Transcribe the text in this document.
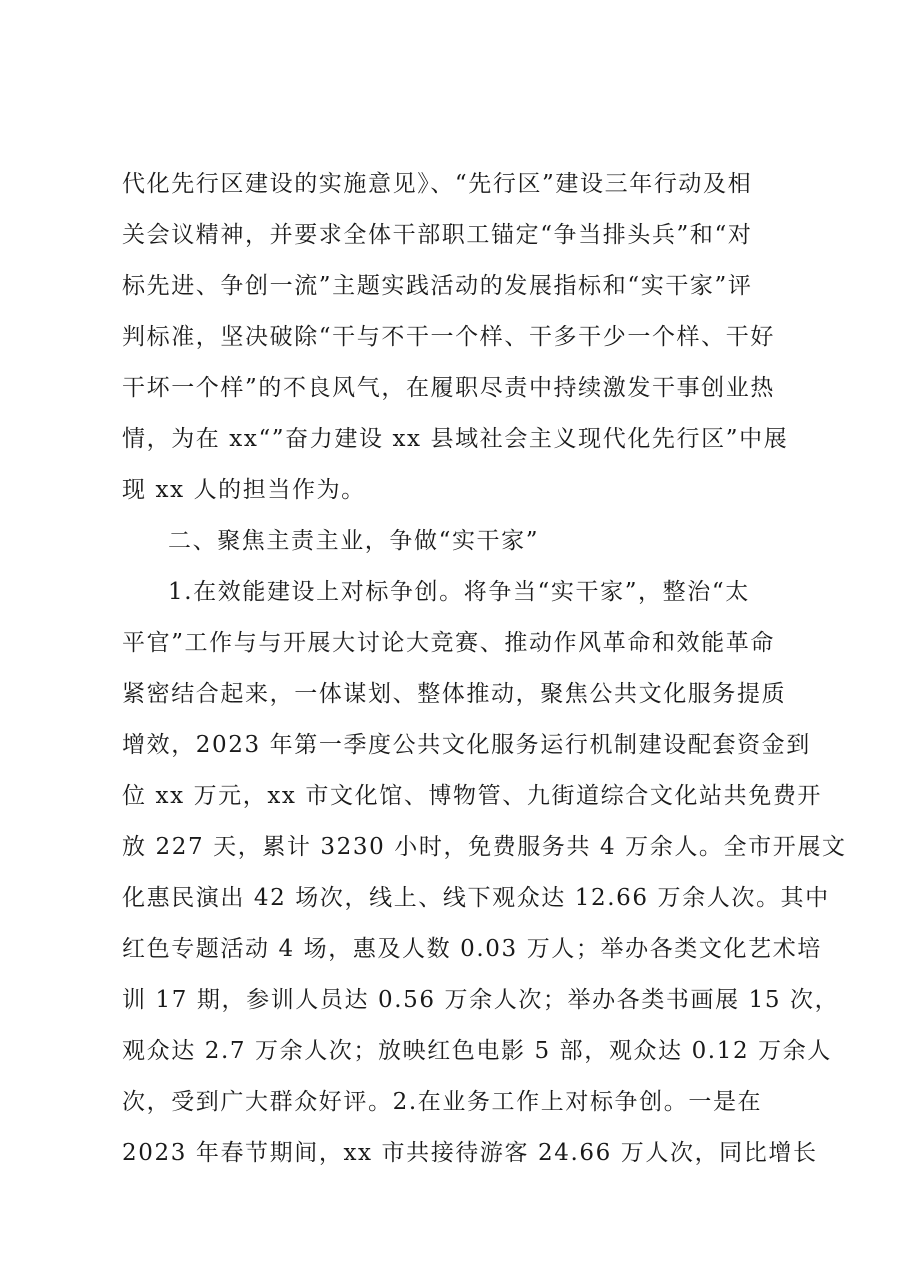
代化先行区建设的实施意见》、“先行区”建设三年行动及相
关会议精神，并要求全体干部职工锚定“争当排头兵”和“对
标先进、争创一流”主题实践活动的发展指标和“实干家”评
判标准，坚决破除“干与不干一个样、干多干少一个样、干好
干坏一个样”的不良风气，在履职尽责中持续激发干事创业热
情，为在 xx“”奋力建设 xx 县域社会主义现代化先行区”中展
现 xx 人的担当作为。
二、聚焦主责主业，争做“实干家”
1.在效能建设上对标争创。将争当“实干家”，整治“太
平官”工作与与开展大讨论大竞赛、推动作风革命和效能革命
紧密结合起来，一体谋划、整体推动，聚焦公共文化服务提质
增效，2023 年第一季度公共文化服务运行机制建设配套资金到
位 xx 万元，xx 市文化馆、博物管、九街道综合文化站共免费开
放 227 天，累计 3230 小时，免费服务共 4 万余人。全市开展文
化惠民演出 42 场次，线上、线下观众达 12.66 万余人次。其中
红色专题活动 4 场，惠及人数 0.03 万人；举办各类文化艺术培
训 17 期，参训人员达 0.56 万余人次；举办各类书画展 15 次，
观众达 2.7 万余人次；放映红色电影 5 部，观众达 0.12 万余人
次，受到广大群众好评。2.在业务工作上对标争创。一是在
2023 年春节期间，xx 市共接待游客 24.66 万人次，同比增长
